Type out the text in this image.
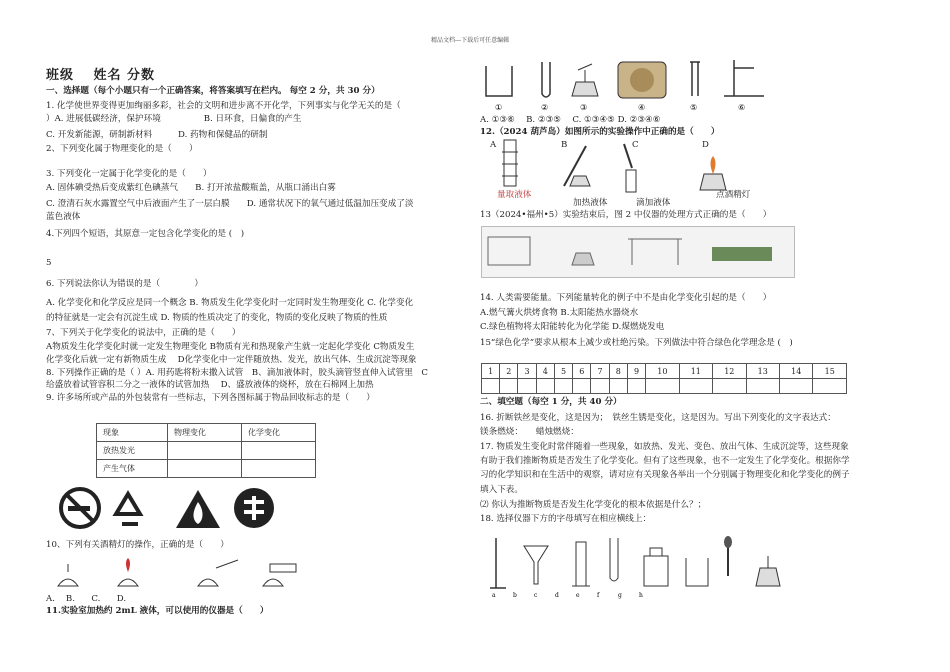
精品文档---下载后可任意编辑
班级　 姓名 分数
一、选择题（每个小题只有一个正确答案，将答案填写在栏内。 每空 2 分，共 30 分）
1. 化学使世界变得更加绚丽多彩，社会的文明和进步离不开化学，下列事实与化学无关的是（
）A. 进展低碳经济，保护环境　　　　　B. 日环食，日偏食的产生
C. 开发新能源，研制新材料　　　D. 药物和保健品的研制
2、下列变化属于物理变化的是（　　）
3. 下列变化一定属于化学变化的是（　　）
A. 固体碘受热后变成紫红色碘蒸气　　B. 打开浓盐酸瓶盖，从瓶口涌出白雾
C. 澄清石灰水露置空气中后液面产生了一层白膜　　D. 通常状况下的氧气通过低温加压变成了淡
蓝色液体
4.下列四个短语，其原意一定包含化学变化的是 (　)
5
6. 下列说法你认为错误的是（　　　　）
A. 化学变化和化学反应是同一个概念 B. 物质发生化学变化时一定同时发生物理变化 C. 化学变化
的特征就是一定会有沉淀生成 D. 物质的性质决定了的变化，物质的变化反映了物质的性质
7、下列关于化学变化的说法中，正确的是（　　）
A物质发生化学变化时就一定发生物理变化 B物质有光和热现象产生就一定起化学变化 C物质发生
化学变化后就一定有新物质生成　 D化学变化中一定伴随放热、发光，放出气体、生成沉淀等现象
8. 下列操作正确的是（ ）A. 用药匙将粉末撒入试管　B、滴加液体时，胶头滴管竖直伸入试管里　C
给盛放着试管容积二分之一液体的试管加热　 D、盛放液体的烧杯，放在石棉网上加热
9. 许多场所或产品的外包装常有一些标志，下列各图标属于物品回收标志的是（　　）
现象	物理变化	化学变化
放热发光		
产生气体		
10、下列有关酒精灯的操作，正确的是（　　）
A. B. C. D.
11.实验室加热约 2mL 液体，可以使用的仪器是（　　）
①	②	③	④	⑤	⑥
A. ①③⑥　 B. ②③⑤　 C. ①③④⑤ D. ②③④⑥
12.（2024 葫芦岛）如图所示的实验操作中正确的是（　　）
A	B	C	D
量取液体
加热液体	滴加液体
点酒精灯
13（2024•福州•5）实验结束后，图 2 中仪器的处理方式正确的是（　　）
14. 人类需要能量。下列能量转化的例子中不是由化学变化引起的是（　　）
A.燃气篝火烘烤食物 B.太阳能热水器烧水
C.绿色植物将太阳能转化为化学能 D.煤燃烧发电
15“绿色化学”要求从根本上减少或杜绝污染。下列做法中符合绿色化学理念是 (　)
1	2	3	4	5	6	7	8	9	10	11	12	13	14	15

二、填空题（每空 1 分，共 40 分）
16. 折断铁丝是变化，这是因为；　铁丝生锈是变化，这是因为。写出下列变化的文字表达式：
镁条燃烧：　　蜡烛燃烧：
17. 物质发生变化时常伴随着一些现象，如放热、发光、变色、放出气体、生成沉淀等，这些现象
有助于我们推断物质是否发生了化学变化。但有了这些现象，也不一定发生了化学变化。根据你学
习的化学知识和在生活中的观察，请对应有关现象各举出一个分别属于物理变化和化学变化的例子
填入下表。
⑵ 你认为推断物质是否发生化学变化的根本依据是什么？；
18. 选择仪器下方的字母填写在相应横线上：
a	b	c	d	e	f	g	h
